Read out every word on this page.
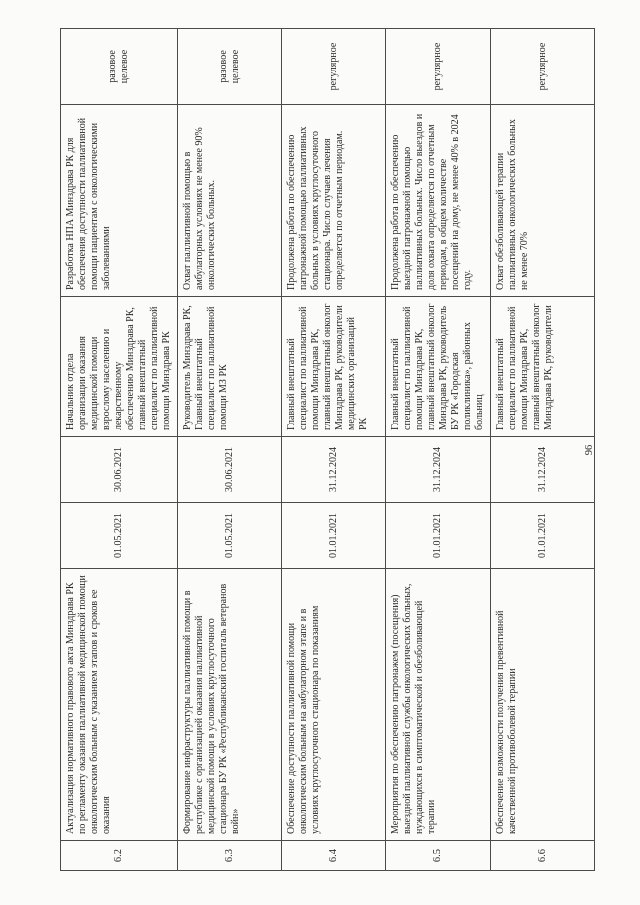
6.2	Актуализация нормативного правового акта Минздрава РК по регламенту оказания паллиативной медицинской помощи онкологическим больным с указанием этапов и сроков ее оказания	01.05.2021	30.06.2021	Начальник отдела организации оказания медицинской помощи взрослому населению и лекарственному обеспечению Минздрава РК, главный внештатный специалист по паллиативной помощи Минздрава РК	Разработка НПА Минздрава РК для обеспечения доступности паллиативной помощи пациентам с онкологическими заболеваниями	разовое целевое
6.3	Формирование инфраструктуры паллиативной помощи в республике с организацией оказания паллиативной медицинской помощи в условиях круглосуточного стационара БУ РК «Республиканский госпиталь ветеранов войн»	01.05.2021	30.06.2021	Руководитель Минздрава РК, Главный внештатный специалист по паллиативной помощи МЗ РК	Охват паллиативной помощью в амбулаторных условиях не менее 90% онкологических больных.	разовое целевое
6.4	Обеспечение доступности паллиативной помощи онкологическим больным на амбулаторном этапе и в условиях круглосуточного стационара по показаниям	01.01.2021	31.12.2024	Главный внештатный специалист по паллиативной помощи Минздрава РК, главный внештатный онколог Минздрава РК, руководители медицинских организаций РК	Продолжена работа по обеспечению патронажной помощью паллиативных больных в условиях круглосуточного стационара. Число случаев лечения определяется по отчетным периодам.	регулярное
6.5	Мероприятия по обеспечению патронажем (посещения) выездной паллиативной службы онкологических больных, нуждающихся в симптоматической и обезболивающей терапии	01.01.2021	31.12.2024	Главный внештатный специалист по паллиативной помощи Минздрава РК, главный внештатный онколог Минздрава РК, руководитель БУ РК «Городская поликлиника», районных больниц	Продолжена работа по обеспечению выездной патронажной помощью паллиативных больных. Число выездов и доля охвата определяется по отчетным периодам, в общем количестве посещений на дому, не менее 40% в 2024 году.	регулярное
6.6	Обеспечение возможности получения превентивной качественной противоболевой терапии	01.01.2021	31.12.2024	Главный внештатный специалист по паллиативной помощи Минздрава РК, главный внештатный онколог Минздрава РК, руководители	Охват обезболивающей терапии паллиативных онкологических больных не менее 70%	регулярное
96
